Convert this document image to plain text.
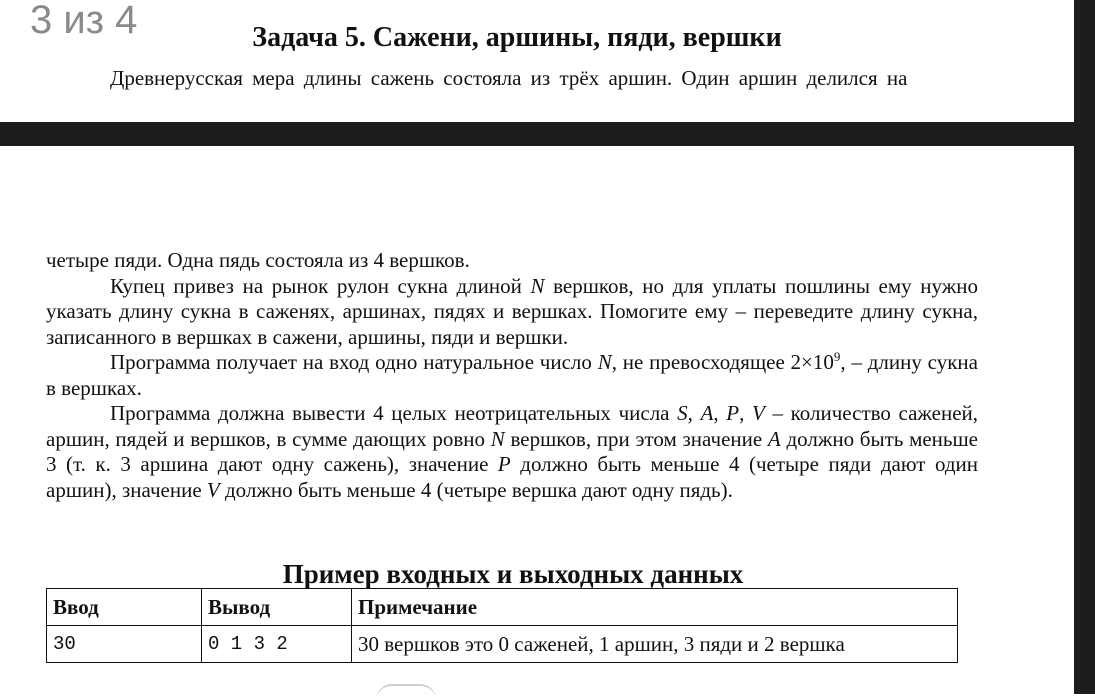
3 из 4	Задача 5. Сажени, аршины, пяди, вершки

Древнерусская мера длины сажень состояла из трёх аршин. Один аршин делился на

четыре пяди. Одна пядь состояла из 4 вершков.

Купец привез на рынок рулон сукна длиной N вершков, но для уплаты пошлины ему нужно указать длину сукна в саженях, аршинах, пядях и вершках. Помогите ему – переведите длину сукна, записанного в вершках в сажени, аршины, пяди и вершки.

Программа получает на вход одно натуральное число N, не превосходящее $2\times 10^9$, – длину сукна в вершках.

Программа должна вывести 4 целых неотрицательных числа S, A, P, V – количество саженей, аршин, пядей и вершков, в сумме дающих ровно N вершков, при этом значение A должно быть меньше 3 (т. к. 3 аршина дают одну сажень), значение P должно быть меньше 4 (четыре пяди дают один аршин), значение V должно быть меньше 4 (четыре вершка дают одну пядь).

Пример входных и выходных данных
Ввод	Вывод	Примечание
30	0 1 3 2	30 вершков это 0 саженей, 1 аршин, 3 пяди и 2 вершка
